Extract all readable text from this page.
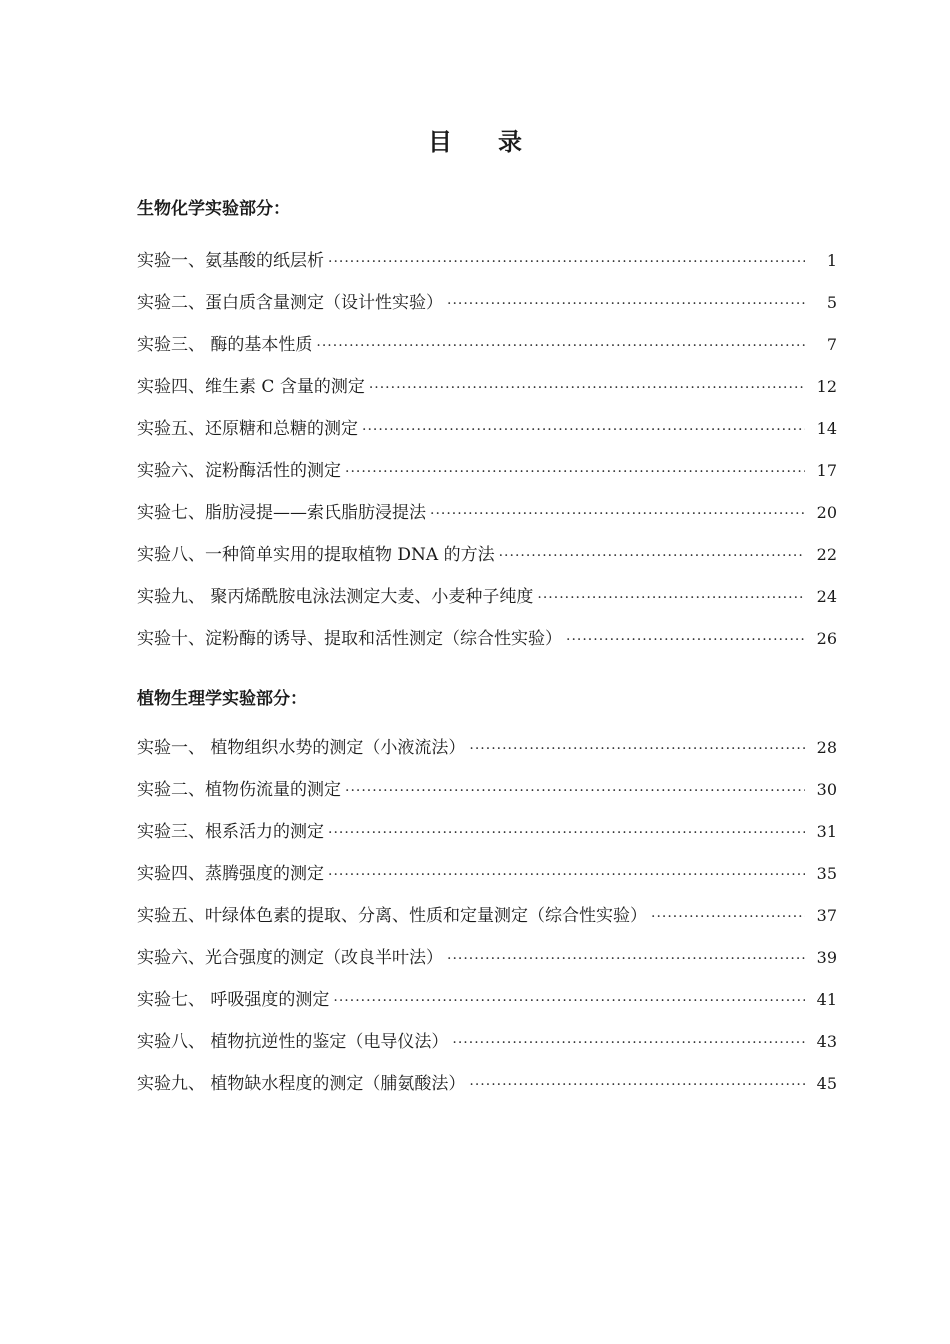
目 录
生物化学实验部分：
实验一、氨基酸的纸层析 ·····	1
实验二、蛋白质含量测定（设计性实验） ·····	5
实验三、 酶的基本性质 ·····	7
实验四、维生素 C 含量的测定 ·····	12
实验五、还原糖和总糖的测定 ·····	14
实验六、淀粉酶活性的测定 ·····	17
实验七、脂肪浸提——索氏脂肪浸提法 ·····	20
实验八、一种简单实用的提取植物 DNA 的方法 ·····	22
实验九、 聚丙烯酰胺电泳法测定大麦、小麦种子纯度 ·····	24
实验十、淀粉酶的诱导、提取和活性测定（综合性实验） ·····	26
植物生理学实验部分：
实验一、 植物组织水势的测定（小液流法） ·····	28
实验二、植物伤流量的测定 ·····	30
实验三、根系活力的测定 ·····	31
实验四、蒸腾强度的测定 ·····	35
实验五、叶绿体色素的提取、分离、性质和定量测定（综合性实验） ·····	37
实验六、光合强度的测定（改良半叶法） ·····	39
实验七、 呼吸强度的测定 ·····	41
实验八、 植物抗逆性的鉴定（电导仪法） ·····	43
实验九、 植物缺水程度的测定（脯氨酸法） ·····	45
